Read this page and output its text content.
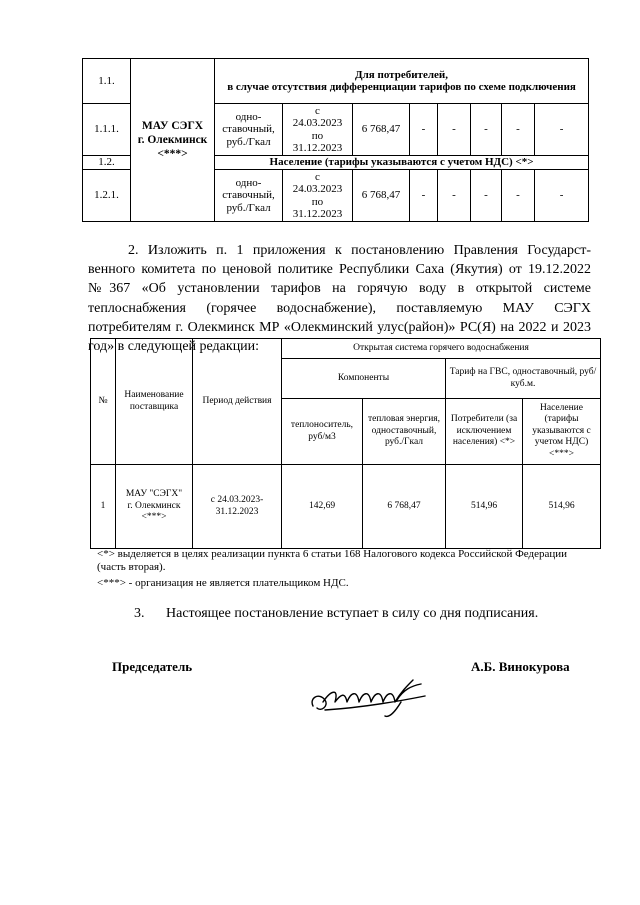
1.1.	МАУ СЭГХ
г. Олекминск
<***>	Для потребителей,
в случае отсутствия дифференциации тарифов по схеме подключения							
1.1.1.		одно-
ставочный,
руб./Гкал	с
24.03.2023
по
31.12.2023	6 768,47	-	-	-	-	-
1.2.		Население (тарифы указываются с учетом НДС) <*>							
1.2.1.		одно-
ставочный,
руб./Гкал	с
24.03.2023
по
31.12.2023	6 768,47	-	-	-	-	-

2. Изложить п. 1 приложения к постановлению Правления Государст-венного комитета по ценовой политике Республики Саха (Якутия) от 19.12.2022 №367 «Об установлении тарифов на горячую воду в открытой системе теплоснабжения (горячее водоснабжение), поставляемую МАУ СЭГХ потребителям г. Олекминск МР «Олекминский улус(район)» РС(Я) на 2022 и 2023 год» в следующей редакции:

№	Наименование поставщика	Период действия	Открытая система горячего водоснабжения			
			Компоненты		Тариф на ГВС, одноставочный, руб/куб.м.	
			теплоноситель, руб/м3	тепловая энергия, одноставочный, руб./Гкал	Потребители (за исключением населения) <*>	Население (тарифы указываются с учетом НДС) <***>
1	МАУ "СЭГХ"
г. Олекминск
<***>	с 24.03.2023-
31.12.2023	142,69	6 768,47	514,96	514,96

<*> выделяется в целях реализации пункта 6 статьи 168 Налогового кодекса Российской Федерации (часть вторая).

<***> - организация не является плательщиком НДС.

3. Настоящее постановление вступает в силу со дня подписания.
Председатель	А.Б. Винокурова
